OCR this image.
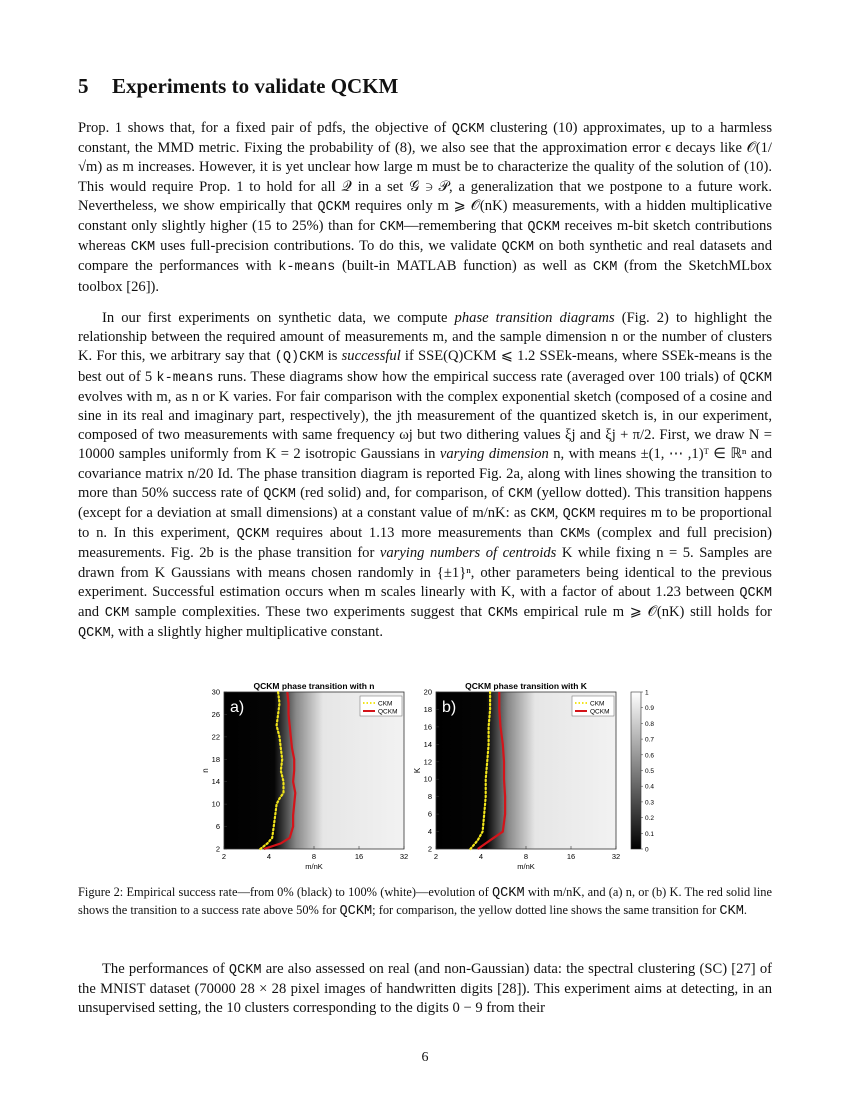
5 Experiments to validate QCKM

Prop. 1 shows that, for a fixed pair of pdfs, the objective of QCKM clustering (10) approximates, up to a harmless constant, the MMD metric. Fixing the probability of (8), we also see that the approximation error ϵ decays like 𝒪(1/√m) as m increases. However, it is yet unclear how large m must be to characterize the quality of the solution of (10). This would require Prop. 1 to hold for all 𝒬 in a set 𝒢 ∋ 𝒫, a generalization that we postpone to a future work. Nevertheless, we show empirically that QCKM requires only m ⩾ 𝒪(nK) measurements, with a hidden multiplicative constant only slightly higher (15 to 25%) than for CKM—remembering that QCKM receives m-bit sketch contributions whereas CKM uses full-precision contributions. To do this, we validate QCKM on both synthetic and real datasets and compare the performances with k-means (built-in MATLAB function) as well as CKM (from the SketchMLbox toolbox [26]).

In our first experiments on synthetic data, we compute phase transition diagrams (Fig. 2) to highlight the relationship between the required amount of measurements m, and the sample dimension n or the number of clusters K. For this, we arbitrary say that (Q)CKM is successful if SSE(Q)CKM ⩽ 1.2 SSEk-means, where SSEk-means is the best out of 5 k-means runs. These diagrams show how the empirical success rate (averaged over 100 trials) of QCKM evolves with m, as n or K varies. For fair comparison with the complex exponential sketch (composed of a cosine and sine in its real and imaginary part, respectively), the jth measurement of the quantized sketch is, in our experiment, composed of two measurements with same frequency ωj but two dithering values ξj and ξj + π/2. First, we draw N = 10000 samples uniformly from K = 2 isotropic Gaussians in varying dimension n, with means ±(1, ⋯ ,1)ᵀ ∈ ℝⁿ and covariance matrix n/20 Id. The phase transition diagram is reported Fig. 2a, along with lines showing the transition to more than 50% success rate of QCKM (red solid) and, for comparison, of CKM (yellow dotted). This transition happens (except for a deviation at small dimensions) at a constant value of m/nK: as CKM, QCKM requires m to be proportional to n. In this experiment, QCKM requires about 1.13 more measurements than CKMs (complex and full precision) measurements. Fig. 2b is the phase transition for varying numbers of centroids K while fixing n = 5. Samples are drawn from K Gaussians with means chosen randomly in {±1}ⁿ, other parameters being identical to the previous experiment. Successful estimation occurs when m scales linearly with K, with a factor of about 1.23 between QCKM and CKM sample complexities. These two experiments suggest that CKMs empirical rule m ⩾ 𝒪(nK) still holds for QCKM, with a slightly higher multiplicative constant.

QCKM phase transition with n
a)
2	4	8	16	32
2
6
10
14
18
22
26
30
m/nK
n
CKM
QCKM
QCKM phase transition with K
b)
2	4	8	16	32
2
4
6
8
10
12
14
16
18
20
m/nK
K
CKM
QCKM
0
0.1
0.2
0.3
0.4
0.5
0.6
0.7
0.8
0.9
1

Figure 2: Empirical success rate—from 0% (black) to 100% (white)—evolution of QCKM with m/nK, and (a) n, or (b) K. The red solid line shows the transition to a success rate above 50% for QCKM; for comparison, the yellow dotted line shows the same transition for CKM.

The performances of QCKM are also assessed on real (and non-Gaussian) data: the spectral clustering (SC) [27] of the MNIST dataset (70000 28 × 28 pixel images of handwritten digits [28]). This experiment aims at detecting, in an unsupervised setting, the 10 clusters corresponding to the digits 0 − 9 from their

6
